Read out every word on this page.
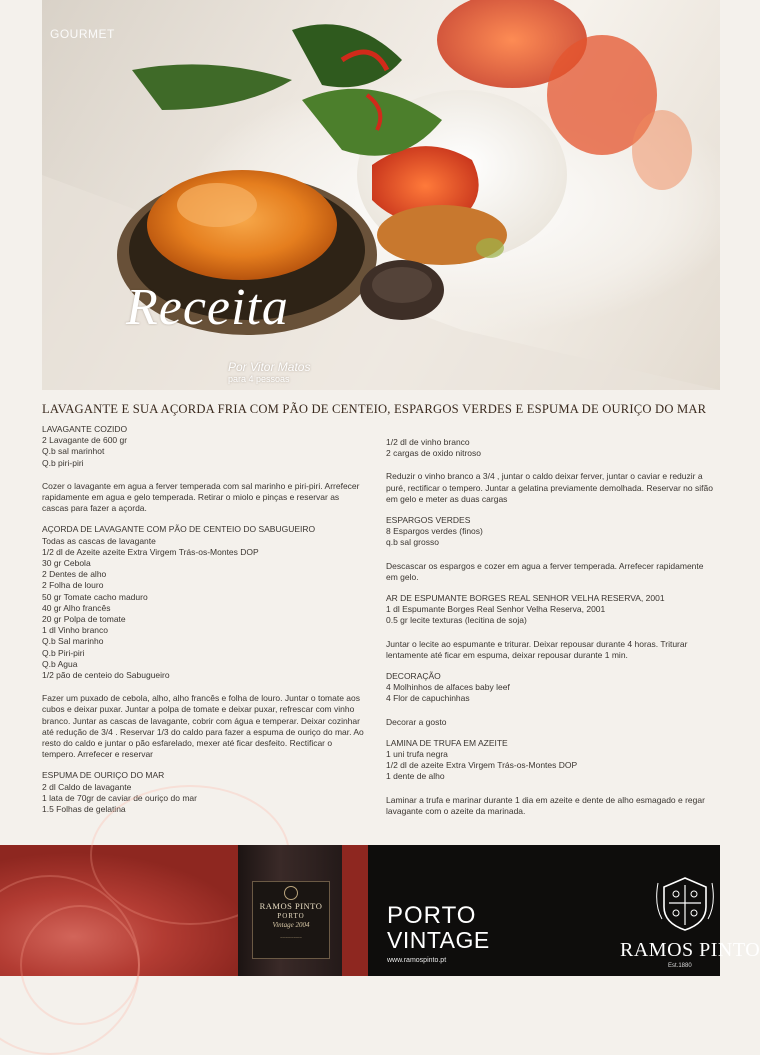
GOURMET
Receita
Por Vitor Matos
para 4 pessoas
LAVAGANTE E SUA AÇORDA FRIA COM PÃO DE CENTEIO, ESPARGOS VERDES E ESPUMA DE OURIÇO DO MAR
LAVAGANTE COZIDO
2 Lavagante de 600 gr
Q.b sal marinhot
Q.b piri-piri
Cozer o lavagante em agua a ferver temperada com sal marinho e piri-piri. Arrefecer rapidamente em agua e gelo temperada. Retirar o miolo e pinças e reservar as cascas para fazer a açorda.
AÇORDA DE LAVAGANTE COM PÃO DE CENTEIO DO SABUGUEIRO
Todas as cascas de lavagante
1/2 dl de Azeite azeite Extra Virgem Trás-os-Montes DOP
30 gr Cebola
2 Dentes de alho
2 Folha de louro
50 gr Tomate cacho maduro
40 gr Alho francês
20 gr Polpa de tomate
1 dl Vinho branco
Q.b Sal marinho
Q.b Piri-piri
Q.b Agua
1/2 pão de centeio do Sabugueiro
Fazer um puxado de cebola, alho, alho francês e folha de louro. Juntar o tomate aos cubos e deixar puxar. Juntar a polpa de tomate e deixar puxar, refrescar com vinho branco. Juntar as cascas de lavagante, cobrir com água e temperar. Deixar cozinhar até redução de 3/4 . Reservar 1/3 do caldo para fazer a espuma de ouriço do mar. Ao resto do caldo e juntar o pão esfarelado, mexer até ficar desfeito. Rectificar o tempero. Arrefecer e reservar
ESPUMA DE OURIÇO DO MAR
2 dl Caldo de lavagante
1 lata de 70gr de caviar de ouriço do mar
1.5 Folhas de gelatina
1/2 dl de vinho branco
2 cargas de oxido nitroso
Reduzir o vinho branco a 3/4 , juntar o caldo deixar ferver, juntar o caviar e reduzir a puré, rectificar o tempero. Juntar a gelatina previamente demolhada. Reservar no sifão em gelo e meter as duas cargas
ESPARGOS VERDES
8 Espargos verdes (finos)
q.b sal grosso
Descascar os espargos e cozer em agua a ferver temperada. Arrefecer rapidamente em gelo.
AR DE ESPUMANTE BORGES REAL SENHOR VELHA RESERVA, 2001
1 dl Espumante Borges Real Senhor Velha Reserva, 2001
0.5 gr lecite texturas (lecitina de soja)
Juntar o lecite ao espumante e triturar. Deixar repousar durante 4 horas. Triturar lentamente até ficar em espuma, deixar repousar durante 1 min.
DECORAÇÃO
4 Molhinhos de alfaces baby leef
4 Flor de capuchinhas
Decorar a gosto
LAMINA DE TRUFA EM AZEITE
1 uni trufa negra
1/2 dl de azeite Extra Virgem Trás-os-Montes DOP
1 dente de alho
Laminar a trufa e marinar durante 1 dia em azeite e dente de alho esmagado e regar lavagante com o azeite da marinada.
RAMOS PINTO
PORTO
Vintage 2004
~~~~~~~~
PORTO
VINTAGE
www.ramospinto.pt	RAMOS PINTO
Est.1880
